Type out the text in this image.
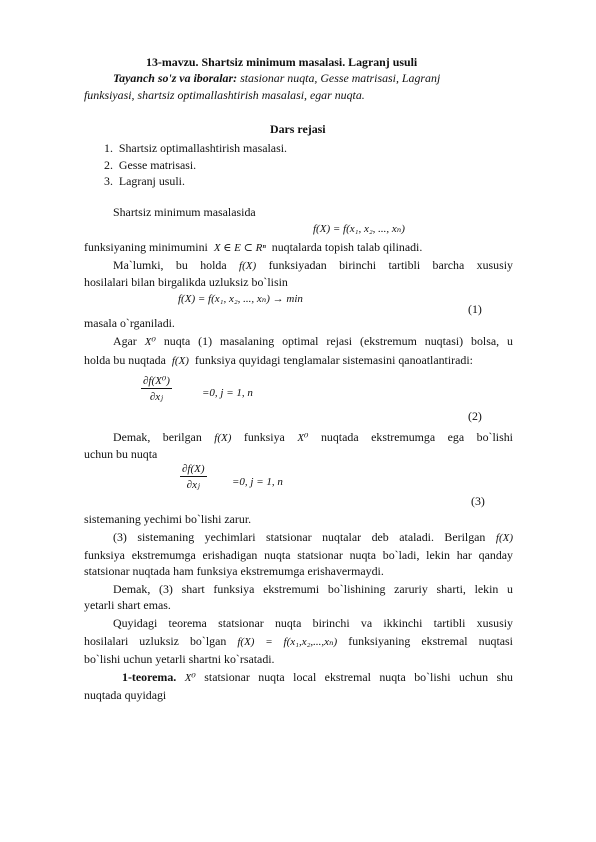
13-mavzu. Shartsiz minimum masalasi. Lagranj usuli
Tayanch so'z va iboralar: stasionar nuqta, Gesse matrisasi, Lagranj
funksiyasi, shartsiz optimallashtirish masalasi, egar nuqta.
Dars rejasi
1. Shartsiz optimallashtirish masalasi.
2. Gesse matrisasi.
3. Lagranj usuli.
Shartsiz minimum masalasida
f(X) = f(x₁, x₂, ..., xₙ)
funksiyaning minimumini X ∈ E ⊂ Rⁿ nuqtalarda topish talab qilinadi.
Ma`lumki, bu holda f(X) funksiyadan birinchi tartibli barcha xususiy
hosilalari bilan birgalikda uzluksiz bo`lisin
f(X) = f(x₁, x₂, ..., xₙ) → min
(1)
masala o`rganiladi.
Agar X⁰ nuqta (1) masalaning optimal rejasi (ekstremum nuqtasi) bolsa, u
holda bu nuqtada f(X) funksiya quyidagi tenglamalar sistemasini qanoatlantiradi:
$\frac{\text{∂f(X⁰)}}{\text{∂xⱼ}}$	=0, j = 1, n
(2)
Demak, berilgan f(X) funksiya X⁰ nuqtada ekstremumga ega bo`lishi
uchun bu nuqta
$\frac{\partial f(X)}{\text{∂xⱼ}} =0$, j = 1, n
(3)
sistemaning yechimi bo`lishi zarur.
(3) sistemaning yechimlari statsionar nuqtalar deb ataladi. Berilgan f(X)
funksiya ekstremumga erishadigan nuqta statsionar nuqta bo`ladi, lekin har qanday
statsionar nuqtada ham funksiya ekstremumga erishavermaydi.
Demak, (3) shart funksiya ekstremumi bo`lishining zaruriy sharti, lekin u
yetarli shart emas.
Quyidagi teorema statsionar nuqta birinchi va ikkinchi tartibli xususiy
hosilalari uzluksiz bo`lgan f(X) = f(x₁,x₂,...,xₙ) funksiyaning ekstremal nuqtasi
bo`lishi uchun yetarli shartni ko`rsatadi.
1-teorema. X⁰ statsionar nuqta local ekstremal nuqta bo`lishi uchun shu
nuqtada quyidagi
